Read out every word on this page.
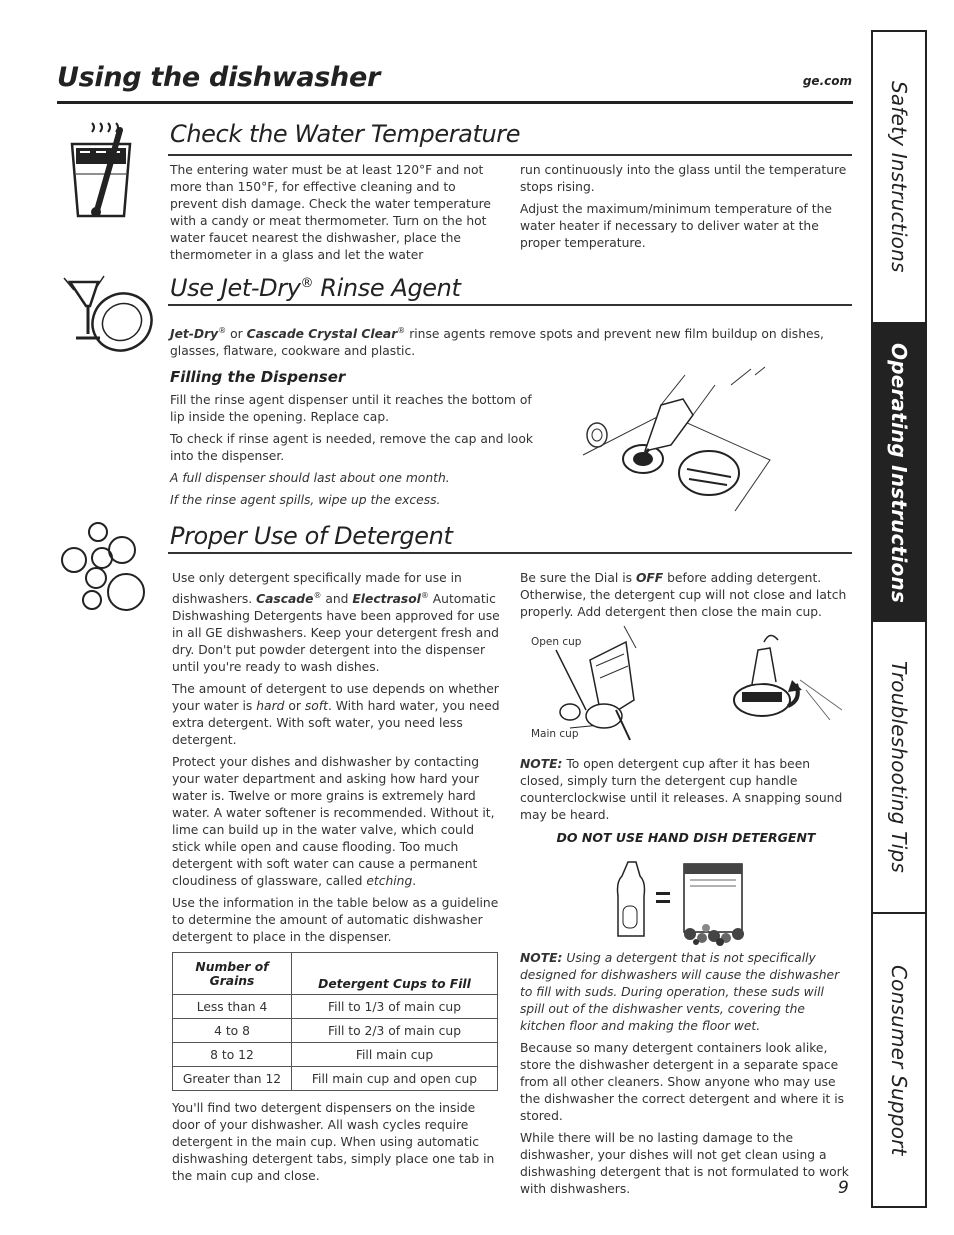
Using the dishwasher	ge.com
Safety Instructions
Operating Instructions
Troubleshooting Tips
Consumer Support
Check the Water Temperature

The entering water must be at least 120°F and not more than 150°F, for effective cleaning and to prevent dish damage. Check the water temperature with a candy or meat thermometer. Turn on the hot water faucet nearest the dishwasher, place the thermometer in a glass and let the water

run continuously into the glass until the temperature stops rising.

Adjust the maximum/minimum temperature of the water heater if necessary to deliver water at the proper temperature.

Use Jet-Dry® Rinse Agent

Jet-Dry® or Cascade Crystal Clear® rinse agents remove spots and prevent new film buildup on dishes, glasses, flatware, cookware and plastic.

Filling the Dispenser

Fill the rinse agent dispenser until it reaches the bottom of lip inside the opening. Replace cap.

To check if rinse agent is needed, remove the cap and look into the dispenser.

A full dispenser should last about one month.

If the rinse agent spills, wipe up the excess.

Proper Use of Detergent

Use only detergent specifically made for use in dishwashers. Cascade® and Electrasol® Automatic Dishwashing Detergents have been approved for use in all GE dishwashers. Keep your detergent fresh and dry. Don't put powder detergent into the dispenser until you're ready to wash dishes.

The amount of detergent to use depends on whether your water is hard or soft. With hard water, you need extra detergent. With soft water, you need less detergent.

Protect your dishes and dishwasher by contacting your water department and asking how hard your water is. Twelve or more grains is extremely hard water. A water softener is recommended. Without it, lime can build up in the water valve, which could stick while open and cause flooding. Too much detergent with soft water can cause a permanent cloudiness of glassware, called etching.

Use the information in the table below as a guideline to determine the amount of automatic dishwasher detergent to place in the dispenser.

Number of Grains	Detergent Cups to Fill
Less than 4	Fill to 1/3 of main cup
4 to 8	Fill to 2/3 of main cup
8 to 12	Fill main cup
Greater than 12	Fill main cup and open cup

You'll find two detergent dispensers on the inside door of your dishwasher. All wash cycles require detergent in the main cup. When using automatic dishwashing detergent tabs, simply place one tab in the main cup and close.

Be sure the Dial is OFF before adding detergent. Otherwise, the detergent cup will not close and latch properly. Add detergent then close the main cup.

Open cup
Main cup

NOTE: To open detergent cup after it has been closed, simply turn the detergent cup handle counterclockwise until it releases. A snapping sound may be heard.

DO NOT USE HAND DISH DETERGENT

NOTE: Using a detergent that is not specifically designed for dishwashers will cause the dishwasher to fill with suds. During operation, these suds will spill out of the dishwasher vents, covering the kitchen floor and making the floor wet.

Because so many detergent containers look alike, store the dishwasher detergent in a separate space from all other cleaners. Show anyone who may use the dishwasher the correct detergent and where it is stored.

While there will be no lasting damage to the dishwasher, your dishes will not get clean using a dishwashing detergent that is not formulated to work with dishwashers.	9
